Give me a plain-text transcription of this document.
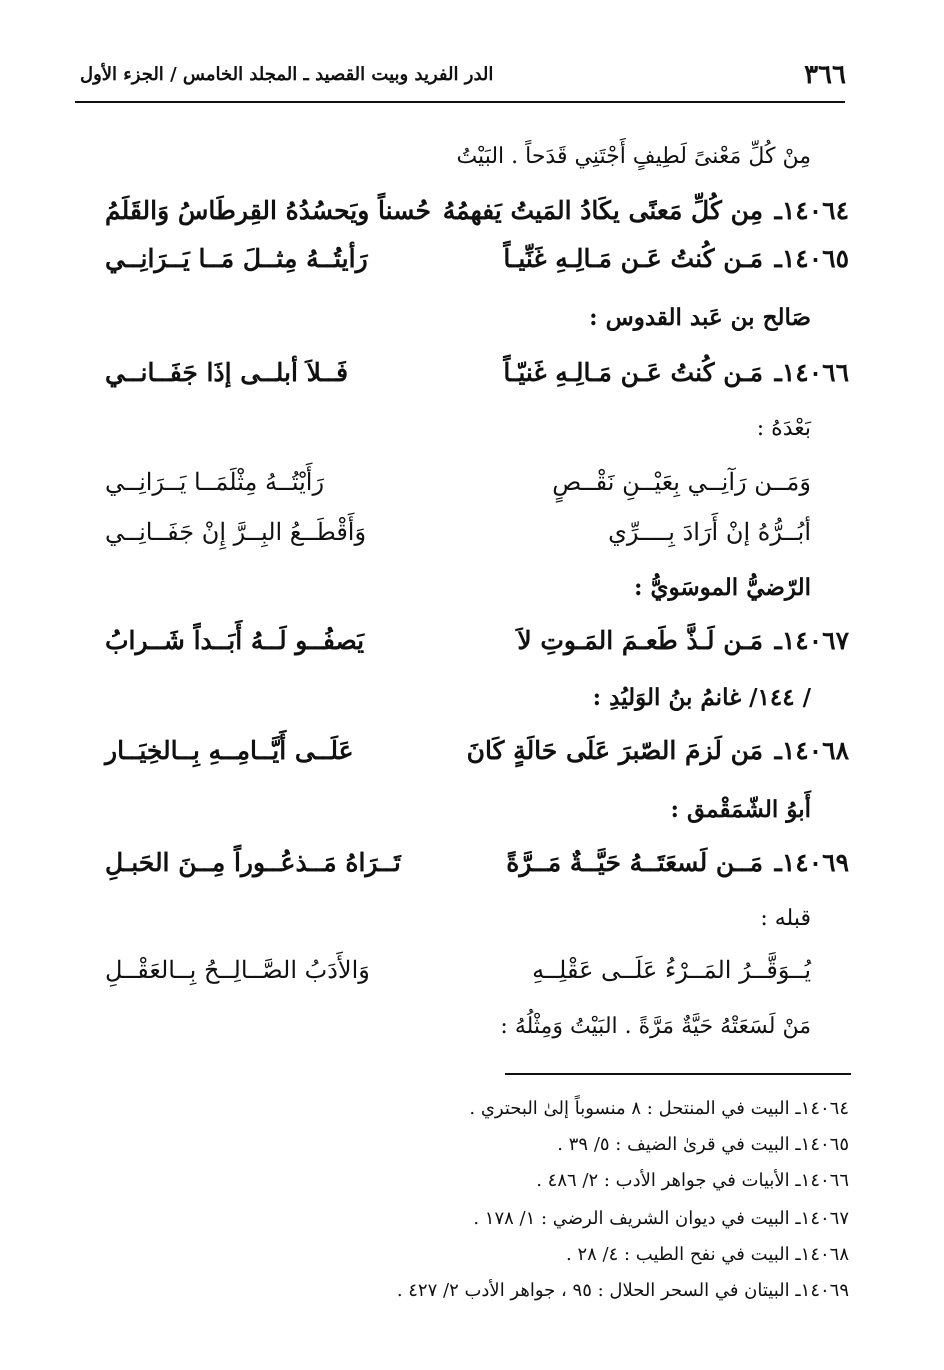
٣٦٦
الدر الفريد وبيت القصيد ـ المجلد الخامس / الجزء الأول
مِنْ كُلِّ مَعْنىً لَطِيفٍ أَجْتَنِي قَدَحاً . البَيْتُ
١٤٠٦٤ـ
مِن كُلِّ مَعنًى يكَادُ المَيتُ يَفهمُهُ
حُسناً ويَحسُدُهُ القِرطَاسُ وَالقَلَمُ
١٤٠٦٥ـ
مَـن كُنتُ عَـن مَـالِـهِ غَنِّيـاً
رَأيتُــهُ مِثــلَ مَــا يَــرَانِــي
صَالح بن عَبد القدوس :
١٤٠٦٦ـ
مَـن كُنتُ عَـن مَـالِـهِ غَنيّـاً
فَــلاَ أبلــى إذَا جَفَــانــي
بَعْدَهُ :
وَمَــن رَآنِــي بِعَيْــنِ نَقْــصٍ
رَأَيْتُــهُ مِثْلَمَــا يَــرَانِــي
أبُــرُّهُ إنْ أَرَادَ بِــــرِّي
وَأَقْطَــعُ البِــرَّ إِنْ جَفَــانِــي
الرّضيُّ الموسَويُّ :
١٤٠٦٧ـ
مَـن لَـذَّ طَعـمَ المَـوتِ لاَ
يَصفُــو لَــهُ أَبَــداً شَــرابُ
/ ١٤٤/ غانمُ بنُ الوَليُدِ :
١٤٠٦٨ـ
مَن لَزمَ الصّبرَ عَلَى حَالَةٍ كَانَ
عَلَــى أَيَّــامِــهِ بِــالخِيَــار
أَبوُ الشّمَقْمق :
١٤٠٦٩ـ
مَــن لَسعَتَــهُ حَيَّــةٌ مَــرَّةً
تَــرَاهُ مَــذعُــوراً مِــنَ الحَبـلِ
قبله :
يُــوَقَّــرُ المَــرْءُ عَلَــى عَقْلِــهِ
وَالأَدَبُ الصَّــالِــحُ بِــالعَقْــلِ
مَنْ لَسَعَتْهُ حَيَّةٌ مَرَّةً . البَيْتُ وَمِثْلُهُ :
١٤٠٦٤ـ البيت في المنتحل : ٨ منسوباً إلىٰ البحتري .
١٤٠٦٥ـ البيت في قرىٰ الضيف : ٥/ ٣٩ .
١٤٠٦٦ـ الأبيات في جواهر الأدب : ٢/ ٤٨٦ .
١٤٠٦٧ـ البيت في ديوان الشريف الرضي : ١/ ١٧٨ .
١٤٠٦٨ـ البيت في نفح الطيب : ٤/ ٢٨ .
١٤٠٦٩ـ البيتان في السحر الحلال : ٩٥ ، جواهر الأدب ٢/ ٤٢٧ .
